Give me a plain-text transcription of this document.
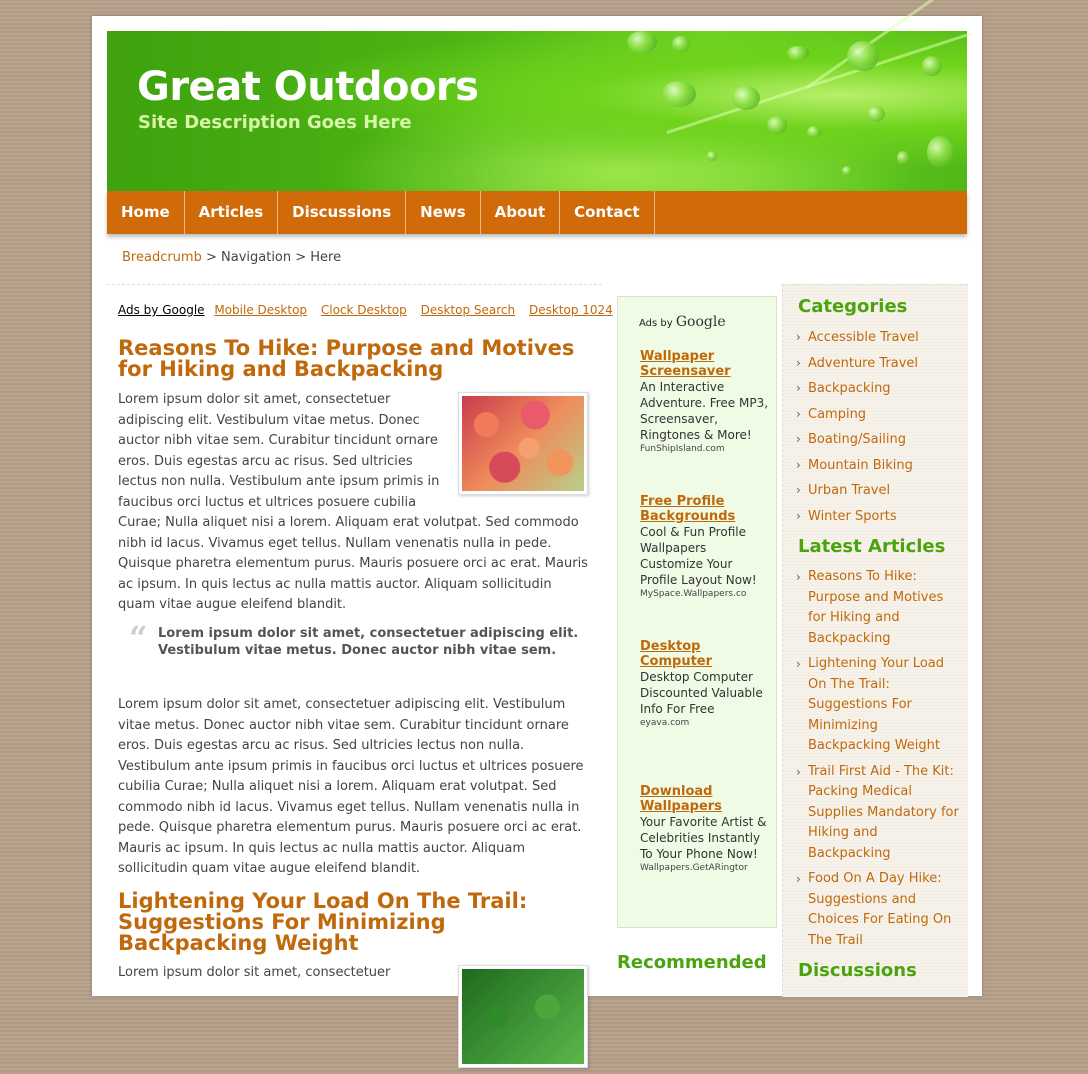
Great Outdoors
Site Description Goes Here
Home	Articles	Discussions	News	About	Contact
Breadcrumb > Navigation > Here
Ads by Google Mobile Desktop Clock Desktop Desktop Search Desktop 1024
Reasons To Hike: Purpose and Motives for Hiking and Backpacking
Lorem ipsum dolor sit amet, consectetuer adipiscing elit. Vestibulum vitae metus. Donec auctor nibh vitae sem. Curabitur tincidunt ornare eros. Duis egestas arcu ac risus. Sed ultricies lectus non nulla. Vestibulum ante ipsum primis in faucibus orci luctus et ultrices posuere cubilia Curae; Nulla aliquet nisi a lorem. Aliquam erat volutpat. Sed commodo nibh id lacus. Vivamus eget tellus. Nullam venenatis nulla in pede. Quisque pharetra elementum purus. Mauris posuere orci ac erat. Mauris ac ipsum. In quis lectus ac nulla mattis auctor. Aliquam sollicitudin quam vitae augue eleifend blandit.
“ Lorem ipsum dolor sit amet, consectetuer adipiscing elit. Vestibulum vitae metus. Donec auctor nibh vitae sem.
Lorem ipsum dolor sit amet, consectetuer adipiscing elit. Vestibulum vitae metus. Donec auctor nibh vitae sem. Curabitur tincidunt ornare eros. Duis egestas arcu ac risus. Sed ultricies lectus non nulla. Vestibulum ante ipsum primis in faucibus orci luctus et ultrices posuere cubilia Curae; Nulla aliquet nisi a lorem. Aliquam erat volutpat. Sed commodo nibh id lacus. Vivamus eget tellus. Nullam venenatis nulla in pede. Quisque pharetra elementum purus. Mauris posuere orci ac erat. Mauris ac ipsum. In quis lectus ac nulla mattis auctor. Aliquam sollicitudin quam vitae augue eleifend blandit.
Lightening Your Load On The Trail: Suggestions For Minimizing Backpacking Weight
Lorem ipsum dolor sit amet, consectetuer
Ads by Google
Wallpaper Screensaver
An Interactive Adventure. Free MP3, Screensaver, Ringtones & More!
FunShipIsland.com
Free Profile Backgrounds
Cool & Fun Profile Wallpapers Customize Your Profile Layout Now!
MySpace.Wallpapers.co
Desktop Computer
Desktop Computer Discounted Valuable Info For Free
eyava.com
Download Wallpapers
Your Favorite Artist & Celebrities Instantly To Your Phone Now!
Wallpapers.GetARingtor
Recommended
Categories
› Accessible Travel
› Adventure Travel
› Backpacking
› Camping
› Boating/Sailing
› Mountain Biking
› Urban Travel
› Winter Sports
Latest Articles
› Reasons To Hike: Purpose and Motives for Hiking and Backpacking
› Lightening Your Load On The Trail: Suggestions For Minimizing Backpacking Weight
› Trail First Aid - The Kit: Packing Medical Supplies Mandatory for Hiking and Backpacking
› Food On A Day Hike: Suggestions and Choices For Eating On The Trail
Discussions
